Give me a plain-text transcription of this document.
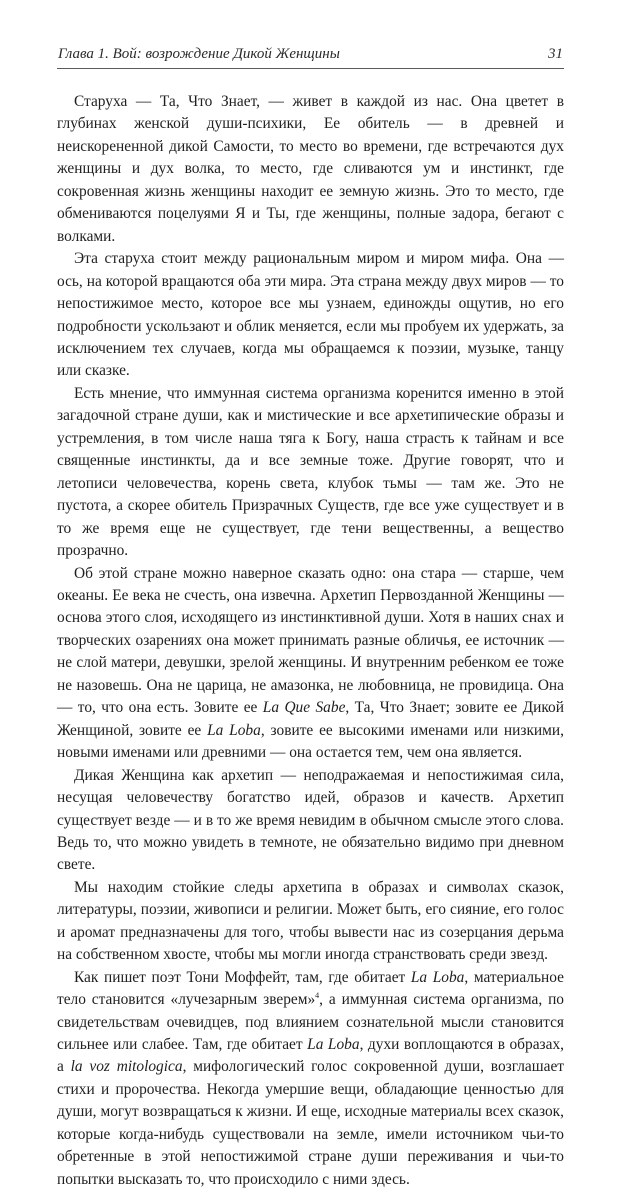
Глава 1. Вой: возрождение Дикой Женщины	31

Старуха — Та, Что Знает, — живет в каждой из нас. Она цветет в глубинах женской души-психики, Ее обитель — в древней и неискорененной дикой Самости, то место во времени, где встречаются дух женщины и дух волка, то место, где сливаются ум и инстинкт, где сокровенная жизнь женщины находит ее земную жизнь. Это то место, где обмениваются поцелуями Я и Ты, где женщины, полные задора, бегают с волками.

Эта старуха стоит между рациональным миром и миром мифа. Она — ось, на которой вращаются оба эти мира. Эта страна между двух миров — то непостижимое место, которое все мы узнаем, единожды ощутив, но его подробности ускользают и облик меняется, если мы пробуем их удержать, за исключением тех случаев, когда мы обращаемся к поэзии, музыке, танцу или сказке.

Есть мнение, что иммунная система организма коренится именно в этой загадочной стране души, как и мистические и все архетипические образы и устремления, в том числе наша тяга к Богу, наша страсть к тайнам и все священные инстинкты, да и все земные тоже. Другие говорят, что и летописи человечества, корень света, клубок тьмы — там же. Это не пустота, а скорее обитель Призрачных Существ, где все уже существует и в то же время еще не существует, где тени вещественны, а вещество прозрачно.

Об этой стране можно наверное сказать одно: она стара — старше, чем океаны. Ее века не счесть, она извечна. Архетип Первозданной Женщины — основа этого слоя, исходящего из инстинктивной души. Хотя в наших снах и творческих озарениях она может принимать разные обличья, ее источник — не слой матери, девушки, зрелой женщины. И внутренним ребенком ее тоже не назовешь. Она не царица, не амазонка, не любовница, не провидица. Она — то, что она есть. Зовите ее La Que Sabe, Та, Что Знает; зовите ее Дикой Женщиной, зовите ее La Loba, зовите ее высокими именами или низкими, новыми именами или древними — она остается тем, чем она является.

Дикая Женщина как архетип — неподражаемая и непостижимая сила, несущая человечеству богатство идей, образов и качеств. Архетип существует везде — и в то же время невидим в обычном смысле этого слова. Ведь то, что можно увидеть в темноте, не обязательно видимо при дневном свете.

Мы находим стойкие следы архетипа в образах и символах сказок, литературы, поэзии, живописи и религии. Может быть, его сияние, его голос и аромат предназначены для того, чтобы вывести нас из созерцания дерьма на собственном хвосте, чтобы мы могли иногда странствовать среди звезд.

Как пишет поэт Тони Моффейт, там, где обитает La Loba, материальное тело становится «лучезарным зверем»$^4$, а иммунная система организма, по свидетельствам очевидцев, под влиянием сознательной мысли становится сильнее или слабее. Там, где обитает La Loba, духи воплощаются в образах, а la voz mitologica, мифологический голос сокровенной души, возглашает стихи и пророчества. Некогда умершие вещи, обладающие ценностью для души, могут возвращаться к жизни. И еще, исходные материалы всех сказок, которые когда-нибудь существовали на земле, имели источником чьи-то обретенные в этой непостижимой стране души переживания и чьи-то попытки высказать то, что происходило с ними здесь.
